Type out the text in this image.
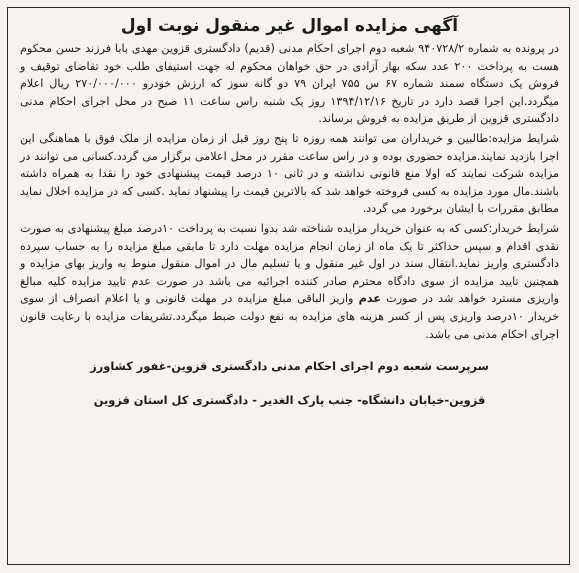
آگهی مزایده اموال غیر منقول نوبت اول

در پرونده به شماره ۹۴۰۷۲۸/۲ شعبه دوم اجرای احکام مدنی (قدیم) دادگستری قزوین مهدی بابا فرزند حسن محکوم هست به پرداخت ۲۰۰ عدد سکه بهار آزادی در حق خواهان محکوم له جهت استیفای طلب خود تقاضای توقیف و فروش یک دستگاه سمند شماره ۶۷ س ۷۵۵ ایران ۷۹ دو گانه سوز که ارزش خودرو ۲۷۰/۰۰۰/۰۰۰ ریال اعلام میگردد.این اجرا قصد دارد در تاریخ ۱۳۹۴/۱۲/۱۶ روز یک شنبه راس ساعت ۱۱ صبح در محل اجرای احکام مدنی دادگستری قزوین از طریق مزایده به فروش برساند.

شرایط مزایده:طالبین و خریداران می توانند همه روزه تا پنج روز قبل از زمان مزایده از ملک فوق با هماهنگی این اجرا بازدید نمایند.مزایده حضوری بوده و در راس ساعت مقرر در محل اعلامی برگزار می گردد.کسانی می توانند در مزایده شرکت نمایند که اولا منع قانونی نداشته و در ثانی ۱۰ درصد قیمت پیشنهادی خود را نقدا به همراه داشته باشند.مال مورد مزایده به کسی فروخته خواهد شد که بالاترین قیمت را پیشنهاد نماید .کسی که در مزایده اخلال نماید مطابق مقررات با ایشان برخورد می گردد.

شرایط خریدار:کسی که به عنوان خریدار مزایده شناخته شد بدوا نسبت به پرداخت ۱۰درصد مبلغ پیشنهادی به صورت نقدی اقدام و سپس حداکثر تا یک ماه از زمان انجام مزایده مهلت دارد تا مابقی مبلغ مزایده را به حساب سپرده دادگستری واریز نماید.انتقال سند در اول غیر منقول و یا تسلیم مال در اموال منقول منوط به واریز بهای مزایده و همچنین تایید مزایده از سوی دادگاه محترم صادر کننده اجرائیه می باشد در صورت عدم تایید مزایده کلیه مبالغ واریزی مسترد خواهد شد در صورت عدم واریز الباقی مبلغ مزایده در مهلت قانونی و یا اعلام انصراف از سوی خریدار ۱۰درصد واریزی پس از کسر هزینه های مزایده به نفع دولت ضبط میگردد.تشریفات مزایده با رعایت قانون اجرای احکام مدنی می باشد.

سرپرست شعبه دوم اجرای احکام مدنی دادگستری قزوین-غفور کشاورز

قزوین-خیابان دانشگاه- جنب پارک الغدیر - دادگستری کل استان قزوین
